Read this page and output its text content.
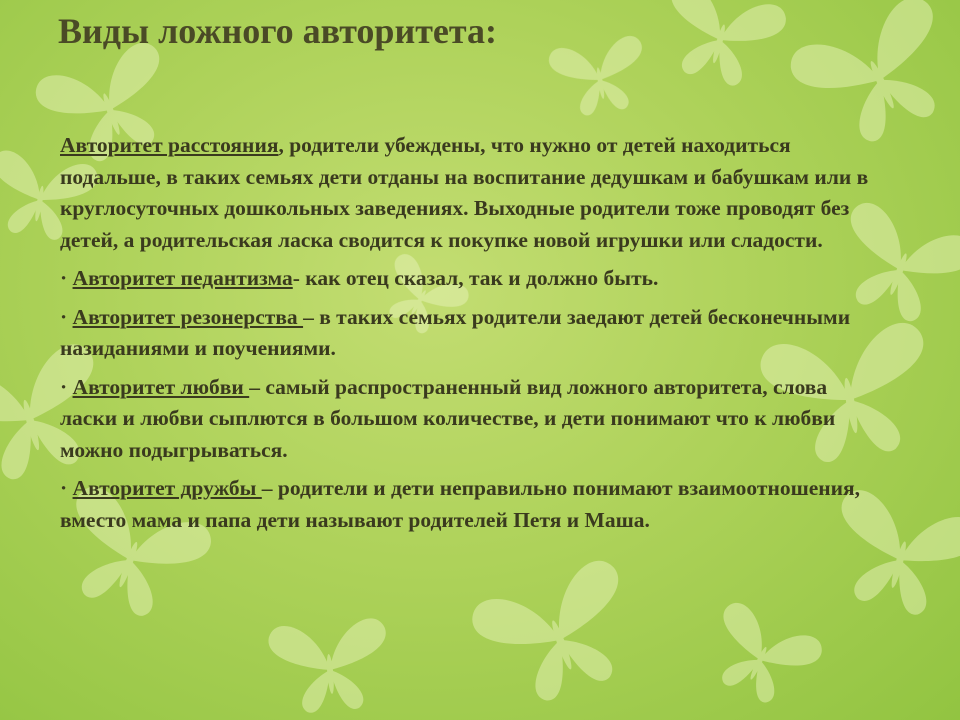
Виды ложного авторитета:

Авторитет расстояния, родители убеждены, что нужно от детей находиться подальше, в таких семьях дети отданы на воспитание дедушкам и бабушкам или в круглосуточных дошкольных заведениях. Выходные родители тоже проводят без детей, а родительская ласка сводится к покупке новой игрушки или сладости.

· Авторитет педантизма- как отец сказал, так и должно быть.

· Авторитет резонерства – в таких семьях родители заедают детей бесконечными назиданиями и поучениями.

· Авторитет любви – самый распространенный вид ложного авторитета, слова ласки и любви сыплются в большом количестве, и дети понимают что к любви можно подыгрываться.

· Авторитет дружбы – родители и дети неправильно понимают взаимоотношения, вместо мама и папа дети называют родителей Петя и Маша.
